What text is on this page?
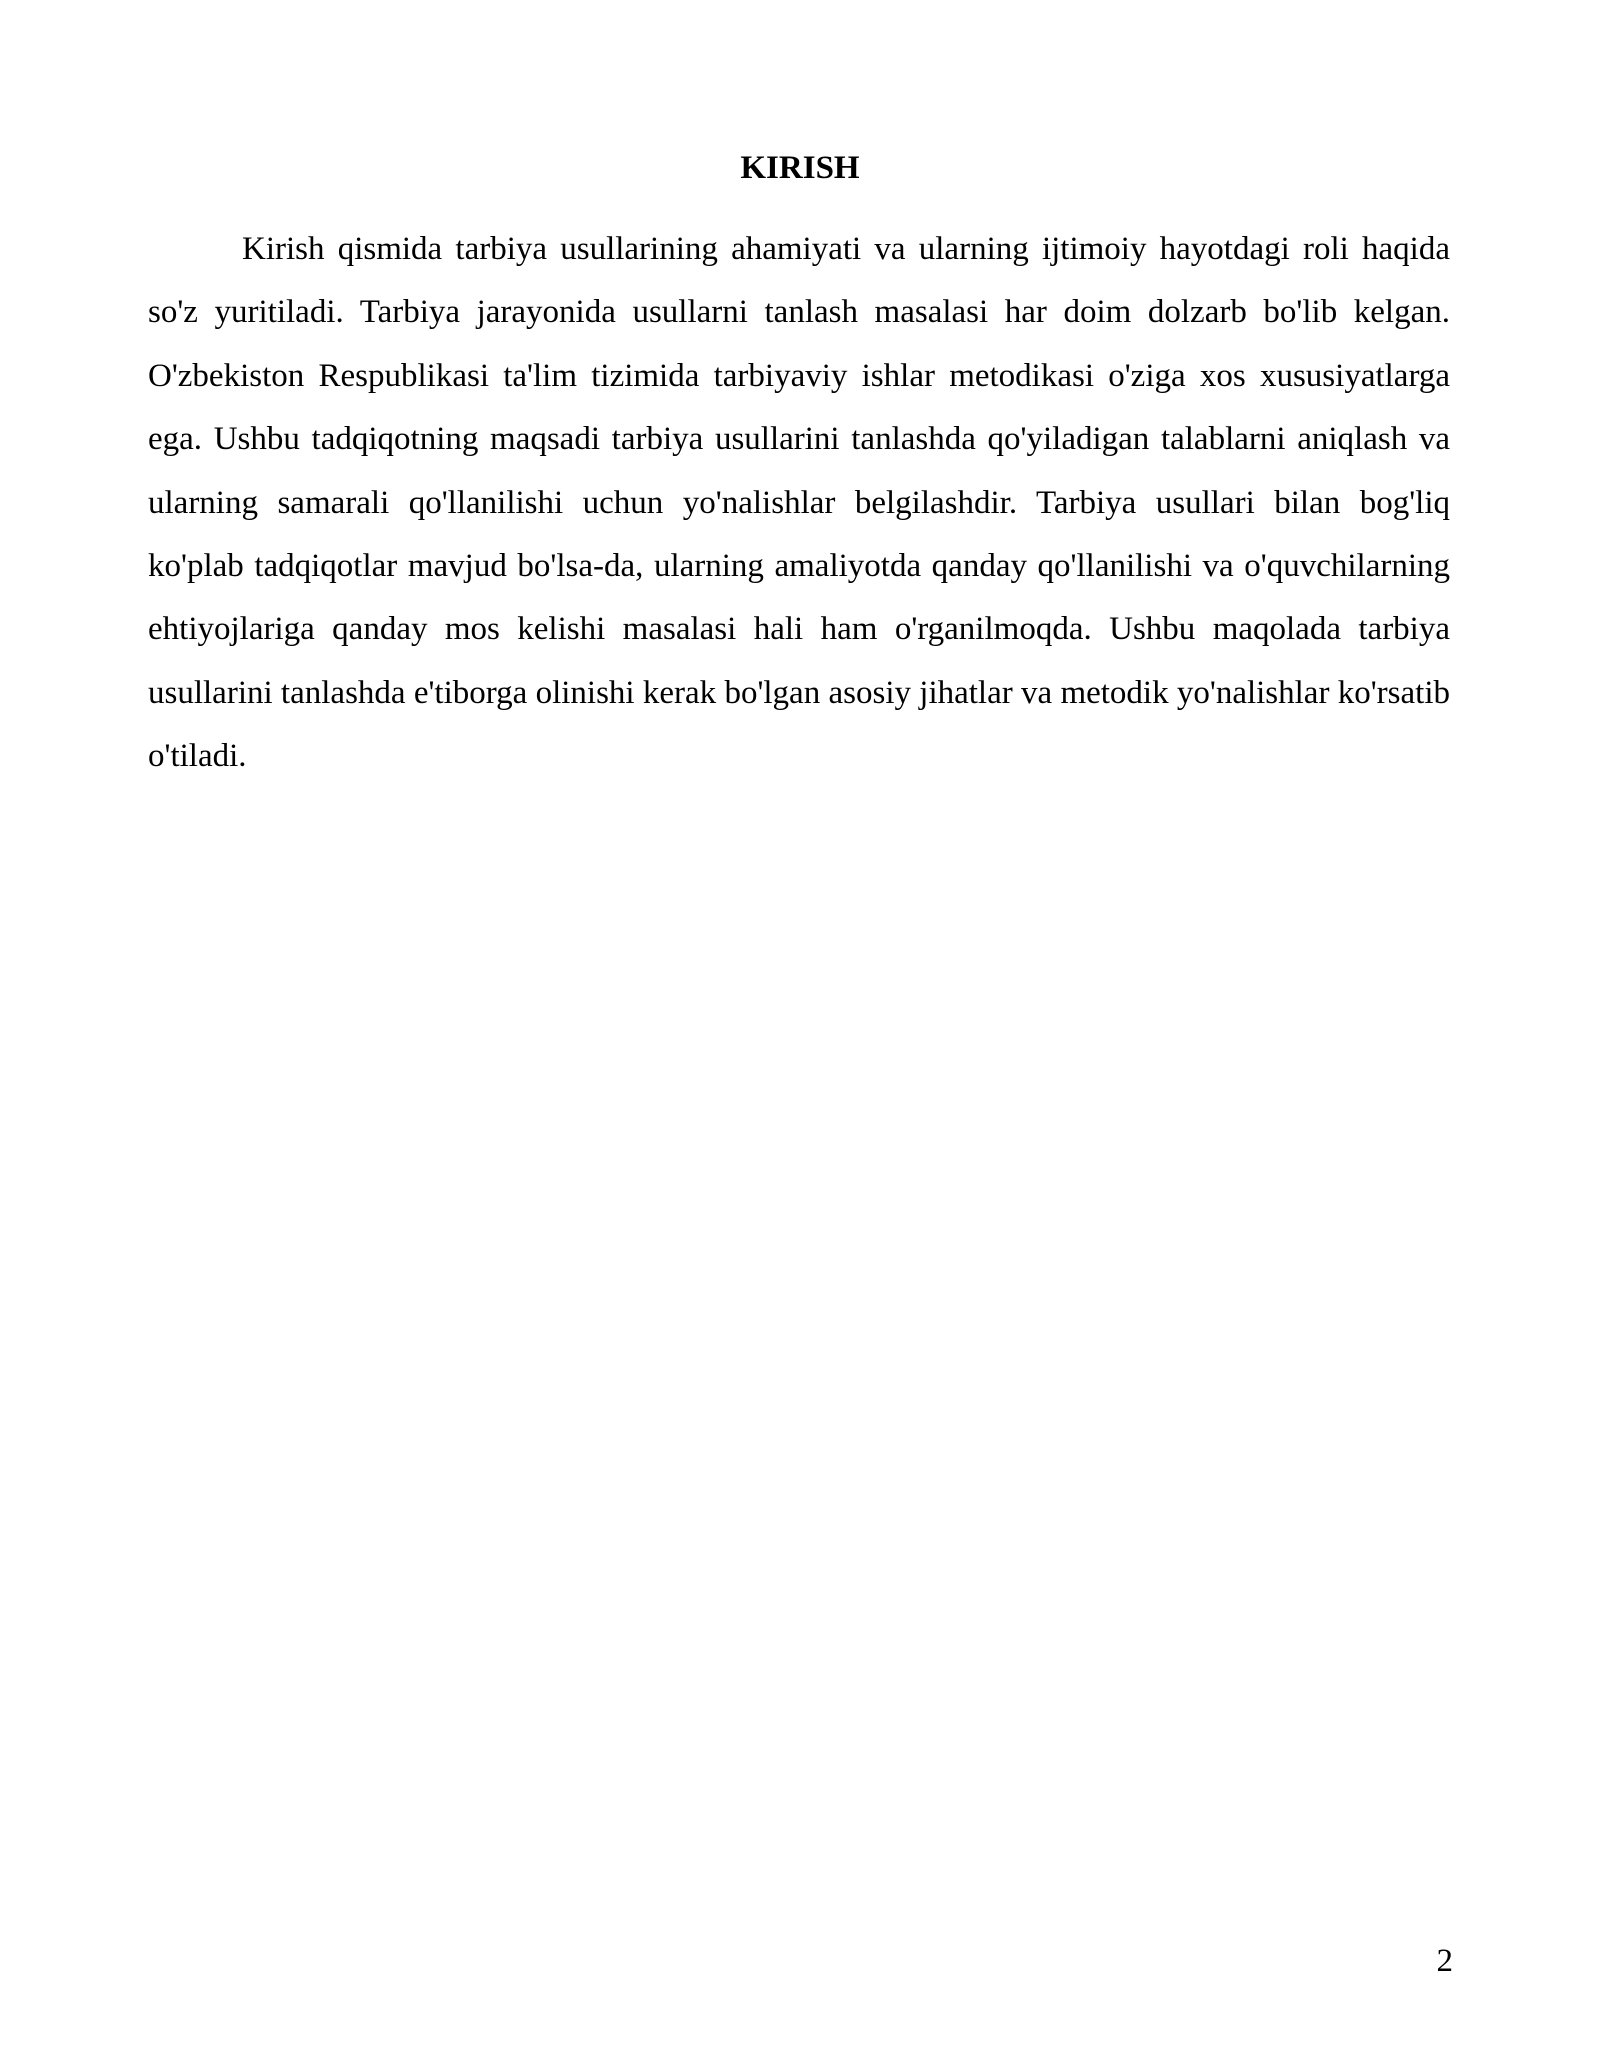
KIRISH

Kirish qismida tarbiya usullarining ahamiyati va ularning ijtimoiy hayotdagi roli haqida so'z yuritiladi. Tarbiya jarayonida usullarni tanlash masalasi har doim dolzarb bo'lib kelgan. O'zbekiston Respublikasi ta'lim tizimida tarbiyaviy ishlar metodikasi o'ziga xos xususiyatlarga ega. Ushbu tadqiqotning maqsadi tarbiya usullarini tanlashda qo'yiladigan talablarni aniqlash va ularning samarali qo'llanilishi uchun yo'nalishlar belgilashdir. Tarbiya usullari bilan bog'liq ko'plab tadqiqotlar mavjud bo'lsa-da, ularning amaliyotda qanday qo'llanilishi va o'quvchilarning ehtiyojlariga qanday mos kelishi masalasi hali ham o'rganilmoqda. Ushbu maqolada tarbiya usullarini tanlashda e'tiborga olinishi kerak bo'lgan asosiy jihatlar va metodik yo'nalishlar ko'rsatib o'tiladi.

2
